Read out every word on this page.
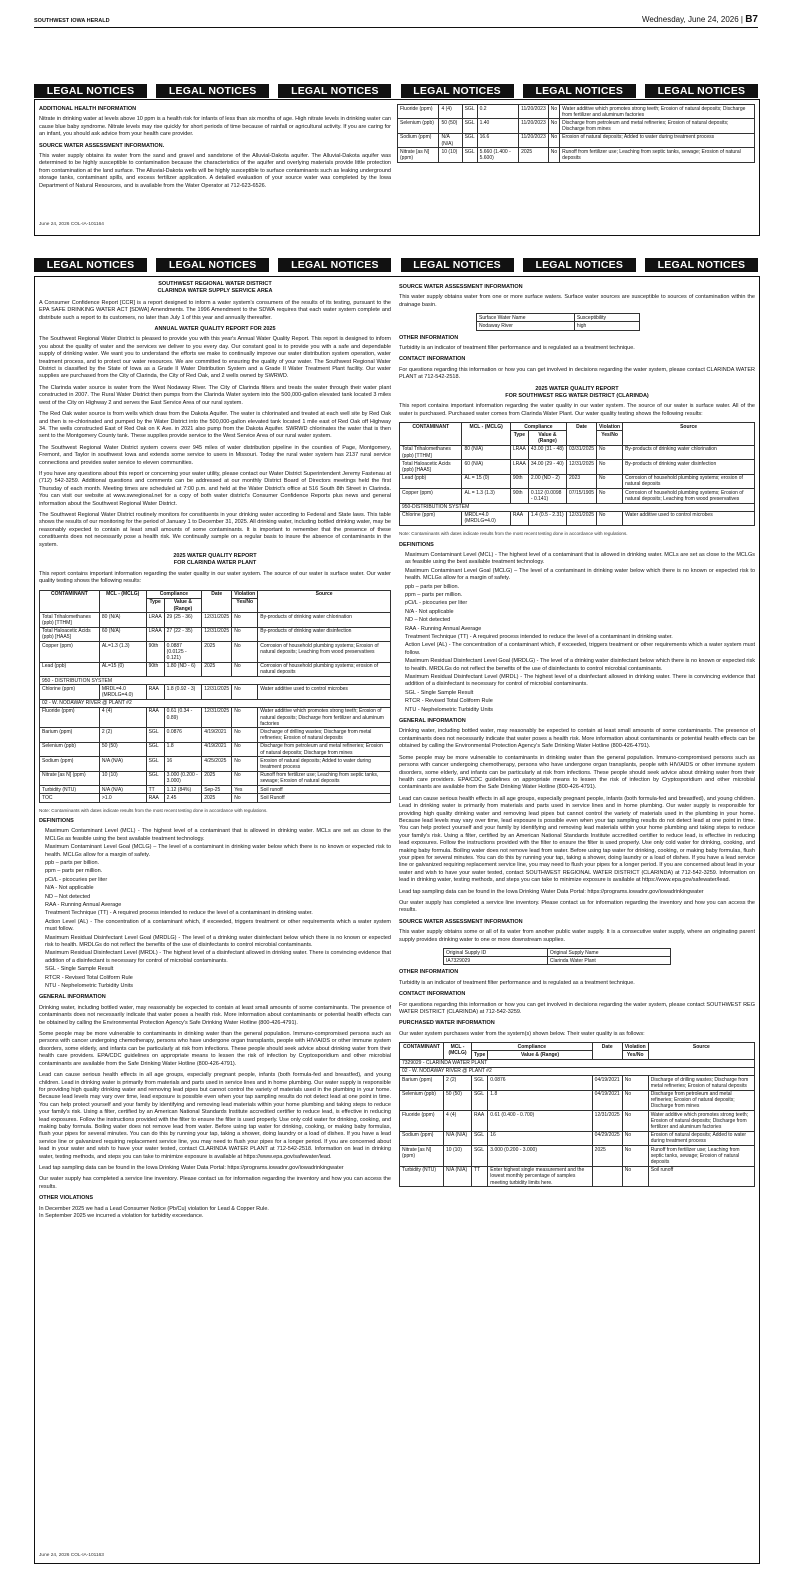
SOUTHWEST IOWA HERALD	Wednesday, June 24, 2026 | B7
LEGAL NOTICES	LEGAL NOTICES	LEGAL NOTICES	LEGAL NOTICES	LEGAL NOTICES	LEGAL NOTICES
ADDITIONAL HEALTH INFORMATION

Nitrate in drinking water at levels above 10 ppm is a health risk for infants of less than six months of age. High nitrate levels in drinking water can cause blue baby syndrome. Nitrate levels may rise quickly for short periods of time because of rainfall or agricultural activity. If you are caring for an infant, you should ask advice from your health care provider.

SOURCE WATER ASSESSMENT INFORMATION.

This water supply obtains its water from the sand and gravel and sandstone of the Alluvial-Dakota aquifer. The Alluvial-Dakota aquifer was determined to be highly susceptible to contamination because the characteristics of the aquifer and overlying materials provide little protection from contamination at the land surface. The Alluvial-Dakota wells will be highly susceptible to surface contaminants such as leaking underground storage tanks, contaminant spills, and excess fertilizer application. A detailed evaluation of your source water was completed by the Iowa Department of Natural Resources, and is available from the Water Operator at 712-623-6526.

Fluoride (ppm)	4 (4)	SGL	0.2	11/20/2023	No	Water additive which promotes strong teeth; Erosion of natural deposits; Discharge from fertilizer and aluminum factories
Selenium (ppb)	50 (50)	SGL	1.40	11/20/2023	No	Discharge from petroleum and metal refineries; Erosion of natural deposits; Discharge from mines
Sodium (ppm)	N/A (N/A)	SGL	16.6	11/20/2023	No	Erosion of natural deposits; Added to water during treatment process
Nitrate [as N] (ppm)	10 (10)	SGL	5.660 (1.400 - 5.600)	2025	No	Runoff from fertilizer use; Leaching from septic tanks, sewage; Erosion of natural deposits
June 24, 2026 COL-IA-101164
LEGAL NOTICES	LEGAL NOTICES	LEGAL NOTICES	LEGAL NOTICES	LEGAL NOTICES	LEGAL NOTICES
SOUTHWEST REGIONAL WATER DISTRICT
CLARINDA WATER SUPPLY SERVICE AREA

A Consumer Confidence Report [CCR] is a report designed to inform a water system's consumers of the results of its testing, pursuant to the EPA SAFE DRINKING WATER ACT [SDWA] Amendments. The 1996 Amendment to the SDWA requires that each water system complete and distribute such a report to its customers, no later than July 1 of this year and annually thereafter.

ANNUAL WATER QUALITY REPORT FOR 2025

The Southwest Regional Water District is pleased to provide you with this year's Annual Water Quality Report. This report is designed to inform you about the quality of water and the services we deliver to you every day. Our constant goal is to provide you with a safe and dependable supply of drinking water. We want you to understand the efforts we make to continually improve our water distribution system operation, water treatment process, and to protect our water resources. We are committed to ensuring the quality of your water. The Southwest Regional Water District is classified by the State of Iowa as a Grade II Water Distribution System and a Grade II Water Treatment Plant facility. Our water supplies are purchased from the City of Clarinda, the City of Red Oak, and 2 wells owned by SWRWD.

The Clarinda water source is water from the West Nodaway River. The City of Clarinda filters and treats the water through their water plant constructed in 2007. The Rural Water District then pumps from the Clarinda Water system into the 500,000-gallon elevated tank located 3 miles west of the City on Highway 2 and serves the East Service Area of our rural system.

The Red Oak water source is from wells which draw from the Dakota Aquifer. The water is chlorinated and treated at each well site by Red Oak and then is re-chlorinated and pumped by the Water District into the 500,000-gallon elevated tank located 1 mile east of Red Oak off Highway 34. The wells constructed East of Red Oak on K Ave. in 2021 also pump from the Dakota Aquifer. SWRWD chlorinates the water that is then sent to the Montgomery County tank. These supplies provide service to the West Service Area of our rural water system.

The Southwest Regional Water District system covers over 945 miles of water distribution pipeline in the counties of Page, Montgomery, Fremont, and Taylor in southwest Iowa and extends some service to users in Missouri. Today the rural water system has 2137 rural service connections and provides water service to eleven communities.

If you have any questions about this report or concerning your water utility, please contact our Water District Superintendent Jeremy Fastenau at (712) 542-3259. Additional questions and comments can be addressed at our monthly District Board of Directors meetings held the first Thursday of each month. Meeting times are scheduled at 7:00 p.m. and held at the Water District's office at 516 South 8th Street in Clarinda. You can visit our website at www.swregional.net for a copy of both water district's Consumer Confidence Reports plus news and general information about the Southwest Regional Water District.

The Southwest Regional Water District routinely monitors for constituents in your drinking water according to Federal and State laws. This table shows the results of our monitoring for the period of January 1 to December 31, 2025. All drinking water, including bottled drinking water, may be reasonably expected to contain at least small amounts of some contaminants. It is important to remember that the presence of these constituents does not necessarily pose a health risk. We continually sample on a regular basis to insure the absence of contaminants in the system.

2025 WATER QUALITY REPORT
FOR CLARINDA WATER PLANT

This report contains important information regarding the water quality in our water system. The source of our water is surface water. Our water quality testing shows the following results:

CONTAMINANT	MCL - (MCLG)	Compliance		Date	Violation	Source
		Type	Value & (Range)		Yes/No	
Total Trihalomethanes (ppb) [TTHM]	80 (N/A)	LRAA	29 (25 - 36)	12/31/2025	No	By-products of drinking water chlorination
Total Haloacetic Acids (ppb) [HAA5]	60 (N/A)	LRAA	27 (22 - 35)	12/31/2025	No	By-products of drinking water disinfection
Copper (ppm)	AL=1.3 (1.3)	90th	0.0887 (0.0125 - 0.121)	2025	No	Corrosion of household plumbing systems; Erosion of natural deposits; Leaching from wood preservatives
Lead (ppb)	AL=15 (0)	90th	1.80 (ND - 6)	2025	No	Corrosion of household plumbing systems; erosion of natural deposits
950 - DISTRIBUTION SYSTEM						
Chlorine (ppm)	MRDL=4.0 (MRDLG=4.0)	RAA	1.8 (0.92 - 3)	12/31/2025	No	Water additive used to control microbes
02 - W. NODAWAY RIVER @ PLANT #2						
Fluoride (ppm)	4 (4)	RAA	0.61 (0.34 - 0.89)	12/31/2025	No	Water additive which promotes strong teeth; Erosion of natural deposits; Discharge from fertilizer and aluminum factories
Barium (ppm)	2 (2)	SGL	0.0876	4/19/2021	No	Discharge of drilling wastes; Discharge from metal refineries; Erosion of natural deposits
Selenium (ppb)	50 (50)	SGL	1.8	4/19/2021	No	Discharge from petroleum and metal refineries; Erosion of natural deposits; Discharge from mines
Sodium (ppm)	N/A (N/A)	SGL	16	4/25/2025	No	Erosion of natural deposits; Added to water during treatment process
Nitrate [as N] (ppm)	10 (10)	SGL	3.000 (0.200 - 3.000)	2025	No	Runoff from fertilizer use; Leaching from septic tanks, sewage; Erosion of natural deposits
Turbidity (NTU)	N/A (N/A)	TT	1.12 (84%)	Sep-25	Yes	Soil runoff
TOC	>1.0	RAA	2.45	2025	No	Soil Runoff

Note: Contaminants with dates indicate results from the most recent testing done in accordance with regulations.

DEFINITIONS
• Maximum Contaminant Level (MCL) - The highest level of a contaminant that is allowed in drinking water. MCLs are set as close to the MCLGs as feasible using the best available treatment technology.
• Maximum Contaminant Level Goal (MCLG) – The level of a contaminant in drinking water below which there is no known or expected risk to health. MCLGs allow for a margin of safety.
• ppb – parts per billion.
• ppm – parts per million.
• pCi/L - picocuries per liter
• N/A - Not applicable
• ND – Not detected
• RAA - Running Annual Average
• Treatment Technique (TT) - A required process intended to reduce the level of a contaminant in drinking water.
• Action Level (AL) - The concentration of a contaminant which, if exceeded, triggers treatment or other requirements which a water system must follow.
• Maximum Residual Disinfectant Level Goal (MRDLG) - The level of a drinking water disinfectant below which there is no known or expected risk to health. MRDLGs do not reflect the benefits of the use of disinfectants to control microbial contaminants.
• Maximum Residual Disinfectant Level (MRDL) - The highest level of a disinfectant allowed in drinking water. There is convincing evidence that addition of a disinfectant is necessary for control of microbial contaminants.
• SGL - Single Sample Result
• RTCR - Revised Total Coliform Rule
• NTU - Nephelometric Turbidity Units
GENERAL INFORMATION

Drinking water, including bottled water, may reasonably be expected to contain at least small amounts of some contaminants. The presence of contaminants does not necessarily indicate that water poses a health risk. More information about contaminants or potential health effects can be obtained by calling the Environmental Protection Agency's Safe Drinking Water Hotline (800-426-4791).

Some people may be more vulnerable to contaminants in drinking water than the general population. Immuno-compromised persons such as persons with cancer undergoing chemotherapy, persons who have undergone organ transplants, people with HIV/AIDS or other immune system disorders, some elderly, and infants can be particularly at risk from infections. These people should seek advice about drinking water from their health care providers. EPA/CDC guidelines on appropriate means to lessen the risk of infection by Cryptosporidium and other microbial contaminants are available from the Safe Drinking Water Hotline (800-426-4791).

Lead can cause serious health effects in all age groups, especially pregnant people, infants (both formula-fed and breastfed), and young children. Lead in drinking water is primarily from materials and parts used in service lines and in home plumbing. Our water supply is responsible for providing high quality drinking water and removing lead pipes but cannot control the variety of materials used in the plumbing in your home. Because lead levels may vary over time, lead exposure is possible even when your tap sampling results do not detect lead at one point in time. You can help protect yourself and your family by identifying and removing lead materials within your home plumbing and taking steps to reduce your family's risk. Using a filter, certified by an American National Standards Institute accredited certifier to reduce lead, is effective in reducing lead exposures. Follow the instructions provided with the filter to ensure the filter is used properly. Use only cold water for drinking, cooking, and making baby formula. Boiling water does not remove lead from water. Before using tap water for drinking, cooking, or making baby formulas, flush your pipes for several minutes. You can do this by running your tap, taking a shower, doing laundry or a load of dishes. If you have a lead service line or galvanized requiring replacement service line, you may need to flush your pipes for a longer period. If you are concerned about lead in your water and wish to have your water tested, contact CLARINDA WATER PLANT at 712-542-2518. Information on lead in drinking water, testing methods, and steps you can take to minimize exposure is available at https://www.epa.gov/safewater/lead.

Lead tap sampling data can be found in the Iowa Drinking Water Data Portal: https://programs.iowadnr.gov/iowadrinkingwater

Our water supply has completed a service line inventory. Please contact us for information regarding the inventory and how you can access the results.

OTHER VIOLATIONS

In December 2025 we had a Lead Consumer Notice (Pb/Cu) violation for Lead & Copper Rule.

In September 2025 we incurred a violation for turbidity exceedance.

SOURCE WATER ASSESSMENT INFORMATION

This water supply obtains water from one or more surface waters. Surface water sources are susceptible to sources of contamination within the drainage basin.

Surface Water Name	Susceptibility
Nodaway River	high
OTHER INFORMATION

Turbidity is an indicator of treatment filter performance and is regulated as a treatment technique.

CONTACT INFORMATION

For questions regarding this information or how you can get involved in decisions regarding the water system, please contact CLARINDA WATER PLANT at 712-542-2518.

2025 WATER QUALITY REPORT
FOR SOUTHWEST REG WATER DISTRICT (CLARINDA)

This report contains important information regarding the water quality in our water system. The source of our water is surface water. All of the water is purchased. Purchased water comes from Clarinda Water Plant. Our water quality testing shows the following results:

CONTAMINANT	MCL - (MCLG)	Compliance		Date	Violation	Source
		Type	Value & (Range)		Yes/No	
Total Trihalomethanes (ppb) [TTHM]	80 (N/A)	LRAA	43.00 (31 - 48)	03/31/2025	No	By-products of drinking water chlorination
Total Haloacetic Acids (ppb) [HAA5]	60 (N/A)	LRAA	34.00 (29 - 40)	12/31/2025	No	By-products of drinking water disinfection
Lead (ppb)	AL = 15 (0)	90th	2.00 (ND - 2)	2023	No	Corrosion of household plumbing systems; erosion of natural deposits
Copper (ppm)	AL = 1.3 (1.3)	90th	0.112 (0.0098 - 0.141)	07/15/1905	No	Corrosion of household plumbing systems; Erosion of natural deposits; Leaching from wood preservatives
950-DISTRIBUTION SYSTEM						
Chlorine (ppm)	MRDL=4.0 (MRDLG=4.0)	RAA	1.4 (0.5 - 2.31)	12/31/2025	No	Water additive used to control microbes

Note: Contaminants with dates indicate results from the most recent testing done in accordance with regulations.

DEFINITIONS
• Maximum Contaminant Level (MCL) - The highest level of a contaminant that is allowed in drinking water. MCLs are set as close to the MCLGs as feasible using the best available treatment technology.
• Maximum Contaminant Level Goal (MCLG) – The level of a contaminant in drinking water below which there is no known or expected risk to health. MCLGs allow for a margin of safety.
• ppb – parts per billion.
• ppm – parts per million.
• pCi/L - picocuries per liter
• N/A - Not applicable
• ND – Not detected
• RAA - Running Annual Average
• Treatment Technique (TT) - A required process intended to reduce the level of a contaminant in drinking water.
• Action Level (AL) - The concentration of a contaminant which, if exceeded, triggers treatment or other requirements which a water system must follow.
• Maximum Residual Disinfectant Level Goal (MRDLG) - The level of a drinking water disinfectant below which there is no known or expected risk to health. MRDLGs do not reflect the benefits of the use of disinfectants to control microbial contaminants.
• Maximum Residual Disinfectant Level (MRDL) - The highest level of a disinfectant allowed in drinking water. There is convincing evidence that addition of a disinfectant is necessary for control of microbial contaminants.
• SGL - Single Sample Result
• RTCR - Revised Total Coliform Rule
• NTU - Nephelometric Turbidity Units
GENERAL INFORMATION

Drinking water, including bottled water, may reasonably be expected to contain at least small amounts of some contaminants. The presence of contaminants does not necessarily indicate that water poses a health risk. More information about contaminants or potential health effects can be obtained by calling the Environmental Protection Agency's Safe Drinking Water Hotline (800-426-4791).

Some people may be more vulnerable to contaminants in drinking water than the general population. Immuno-compromised persons such as persons with cancer undergoing chemotherapy, persons who have undergone organ transplants, people with HIV/AIDS or other immune system disorders, some elderly, and infants can be particularly at risk from infections. These people should seek advice about drinking water from their health care providers. EPA/CDC guidelines on appropriate means to lessen the risk of infection by Cryptosporidium and other microbial contaminants are available from the Safe Drinking Water Hotline (800-426-4791).

Lead can cause serious health effects in all age groups, especially pregnant people, infants (both formula-fed and breastfed), and young children. Lead in drinking water is primarily from materials and parts used in service lines and in home plumbing. Our water supply is responsible for providing high quality drinking water and removing lead pipes but cannot control the variety of materials used in the plumbing in your home. Because lead levels may vary over time, lead exposure is possible even when your tap sampling results do not detect lead at one point in time. You can help protect yourself and your family by identifying and removing lead materials within your home plumbing and taking steps to reduce your family's risk. Using a filter, certified by an American National Standards Institute accredited certifier to reduce lead, is effective in reducing lead exposures. Follow the instructions provided with the filter to ensure the filter is used properly. Use only cold water for drinking, cooking, and making baby formula. Boiling water does not remove lead from water. Before using tap water for drinking, cooking, or making baby formulas, flush your pipes for several minutes. You can do this by running your tap, taking a shower, doing laundry or a load of dishes. If you have a lead service line or galvanized requiring replacement service line, you may need to flush your pipes for a longer period. If you are concerned about lead in your water and wish to have your water tested, contact SOUTHWEST REGIONAL WATER DISTRICT (CLARINDA) at 712-542-3259. Information on lead in drinking water, testing methods, and steps you can take to minimize exposure is available at https://www.epa.gov/safewater/lead.

Lead tap sampling data can be found in the Iowa Drinking Water Data Portal: https://programs.iowadnr.gov/iowadrinkingwater

Our water supply has completed a service line inventory. Please contact us for information regarding the inventory and how you can access the results.

SOURCE WATER ASSESSMENT INFORMATION

This water supply obtains some or all of its water from another public water supply. It is a consecutive water supply, where an originating parent supply provides drinking water to one or more downstream supplies.

Original Supply ID	Original Supply Name
IA7329029	Clarinda Water Plant
OTHER INFORMATION

Turbidity is an indicator of treatment filter performance and is regulated as a treatment technique.

CONTACT INFORMATION

For questions regarding this information or how you can get involved in decisions regarding the water system, please contact SOUTHWEST REG WATER DISTRICT (CLARINDA) at 712-542-3259.

PURCHASED WATER INFORMATION

Our water system purchases water from the system(s) shown below. Their water quality is as follows:

CONTAMINANT	MCL - (MCLG)	Compliance		Date	Violation	Source
		Type	Value & (Range)		Yes/No	
7329029 - CLARINDA WATER PLANT						
02 - W. NODAWAY RIVER @ PLANT #2						
Barium (ppm)	2 (2)	SGL	0.0876	04/19/2021	No	Discharge of drilling wastes; Discharge from metal refineries; Erosion of natural deposits
Selenium (ppb)	50 (50)	SGL	1.8	04/19/2021	No	Discharge from petroleum and metal refineries; Erosion of natural deposits; Discharge from mines
Fluoride (ppm)	4 (4)	RAA	0.61 (0.400 - 0.700)	12/31/2025	No	Water additive which promotes strong teeth; Erosion of natural deposits; Discharge from fertilizer and aluminum factories
Sodium (ppm)	N/A (N/A)	SGL	16	04/29/2025	No	Erosion of natural deposits; Added to water during treatment process
Nitrate [as N] (ppm)	10 (10)	SGL	3.000 (0.200 - 3.000)	2025	No	Runoff from fertilizer use; Leaching from septic tanks, sewage; Erosion of natural deposits
Turbidity (NTU)	N/A (N/A)	TT	Enter highest single measurement and the lowest monthly percentage of samples meeting turbidity limits here.		No	Soil runoff
June 24, 2026 COL-IA-101163
